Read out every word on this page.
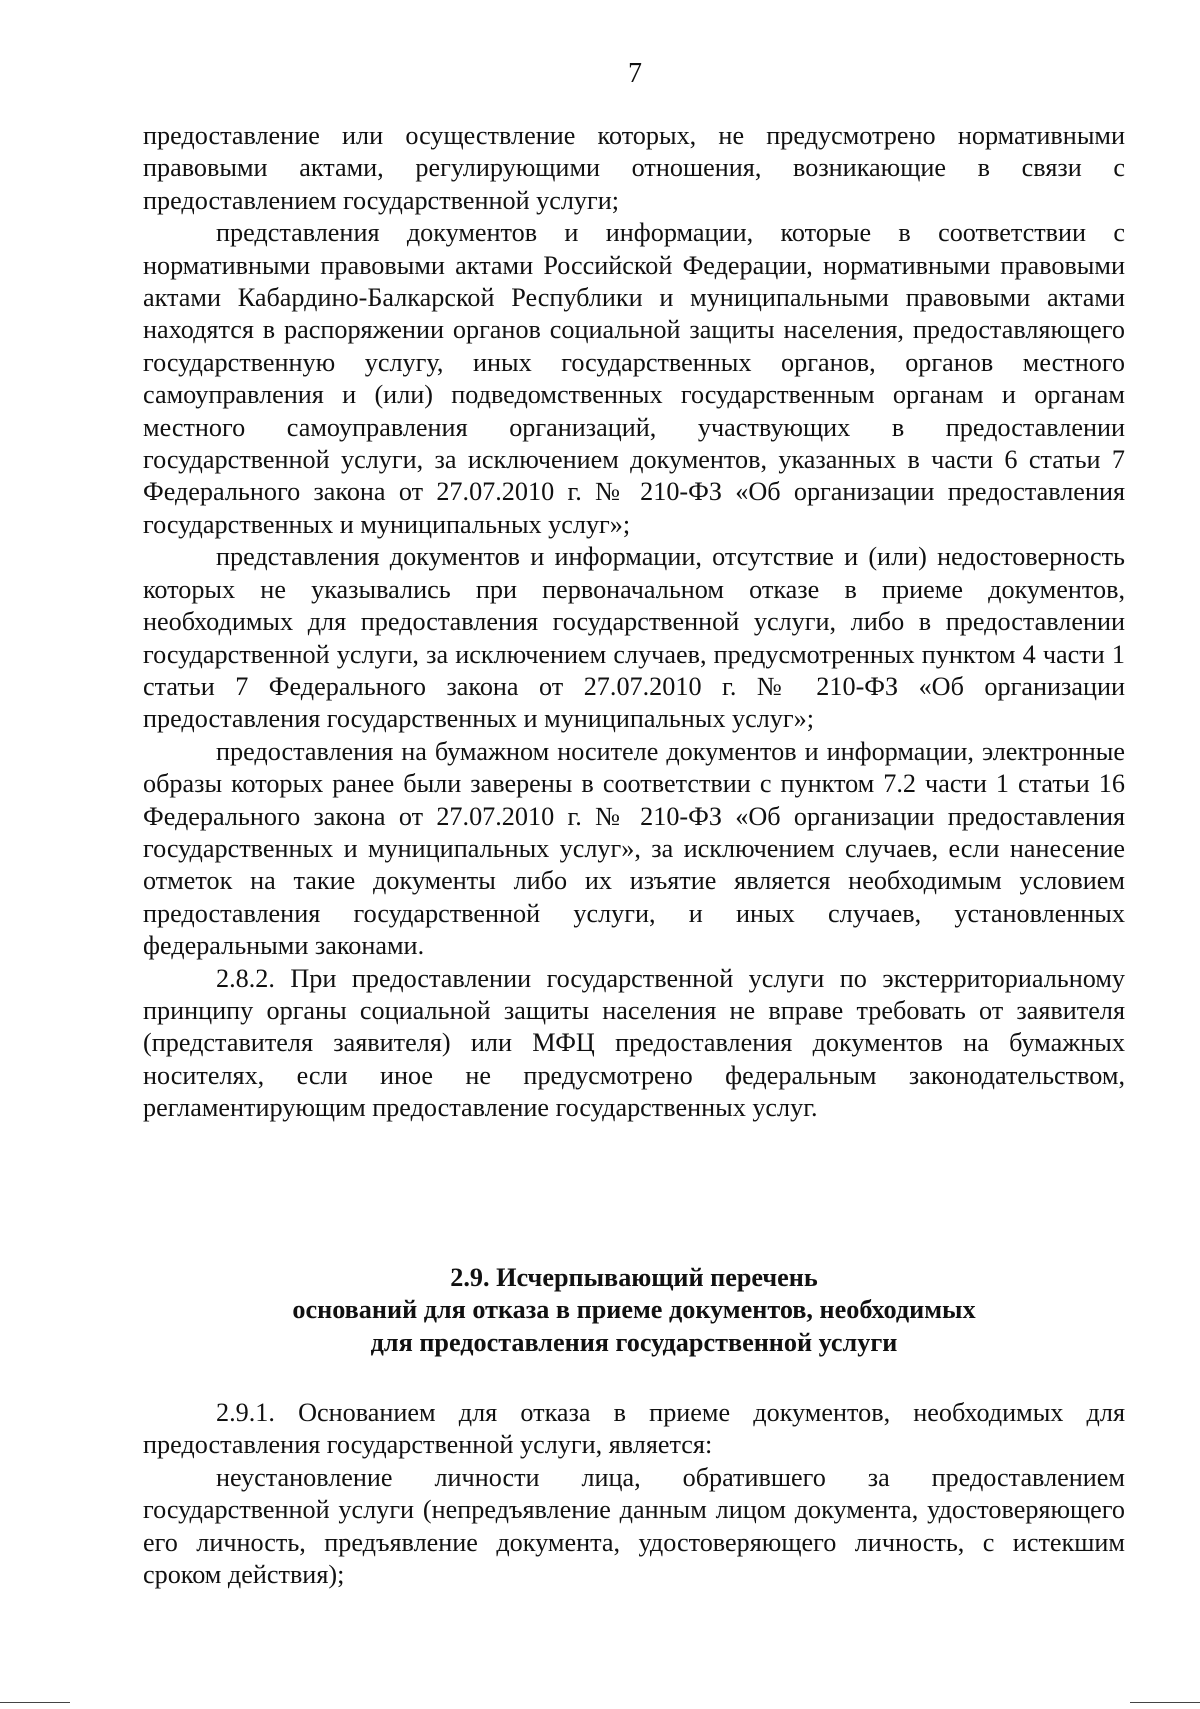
7

предоставление или осуществление которых, не предусмотрено нормативными правовыми актами, регулирующими отношения, возникающие в связи с предоставлением государственной услуги;

представления документов и информации, которые в соответствии с нормативными правовыми актами Российской Федерации, нормативными правовыми актами Кабардино-Балкарской Республики и муниципальными правовыми актами находятся в распоряжении органов социальной защиты населения, предоставляющего государственную услугу, иных государственных органов, органов местного самоуправления и (или) подведомственных государственным органам и органам местного самоуправления организаций, участвующих в предоставлении государственной услуги, за исключением документов, указанных в части 6 статьи 7 Федерального закона от 27.07.2010 г. № 210-ФЗ «Об организации предоставления государственных и муниципальных услуг»;

представления документов и информации, отсутствие и (или) недостоверность которых не указывались при первоначальном отказе в приеме документов, необходимых для предоставления государственной услуги, либо в предоставлении государственной услуги, за исключением случаев, предусмотренных пунктом 4 части 1 статьи 7 Федерального закона от 27.07.2010 г. № 210-ФЗ «Об организации предоставления государственных и муниципальных услуг»;

предоставления на бумажном носителе документов и информации, электронные образы которых ранее были заверены в соответствии с пунктом 7.2 части 1 статьи 16 Федерального закона от 27.07.2010 г. № 210-ФЗ «Об организации предоставления государственных и муниципальных услуг», за исключением случаев, если нанесение отметок на такие документы либо их изъятие является необходимым условием предоставления государственной услуги, и иных случаев, установленных федеральными законами.

2.8.2. При предоставлении государственной услуги по экстерриториальному принципу органы социальной защиты населения не вправе требовать от заявителя (представителя заявителя) или МФЦ предоставления документов на бумажных носителях, если иное не предусмотрено федеральным законодательством, регламентирующим предоставление государственных услуг.

2.9. Исчерпывающий перечень
оснований для отказа в приеме документов, необходимых
для предоставления государственной услуги

2.9.1. Основанием для отказа в приеме документов, необходимых для предоставления государственной услуги, является:

неустановление личности лица, обратившего за предоставлением государственной услуги (непредъявление данным лицом документа, удостоверяющего его личность, предъявление документа, удостоверяющего личность, с истекшим сроком действия);
